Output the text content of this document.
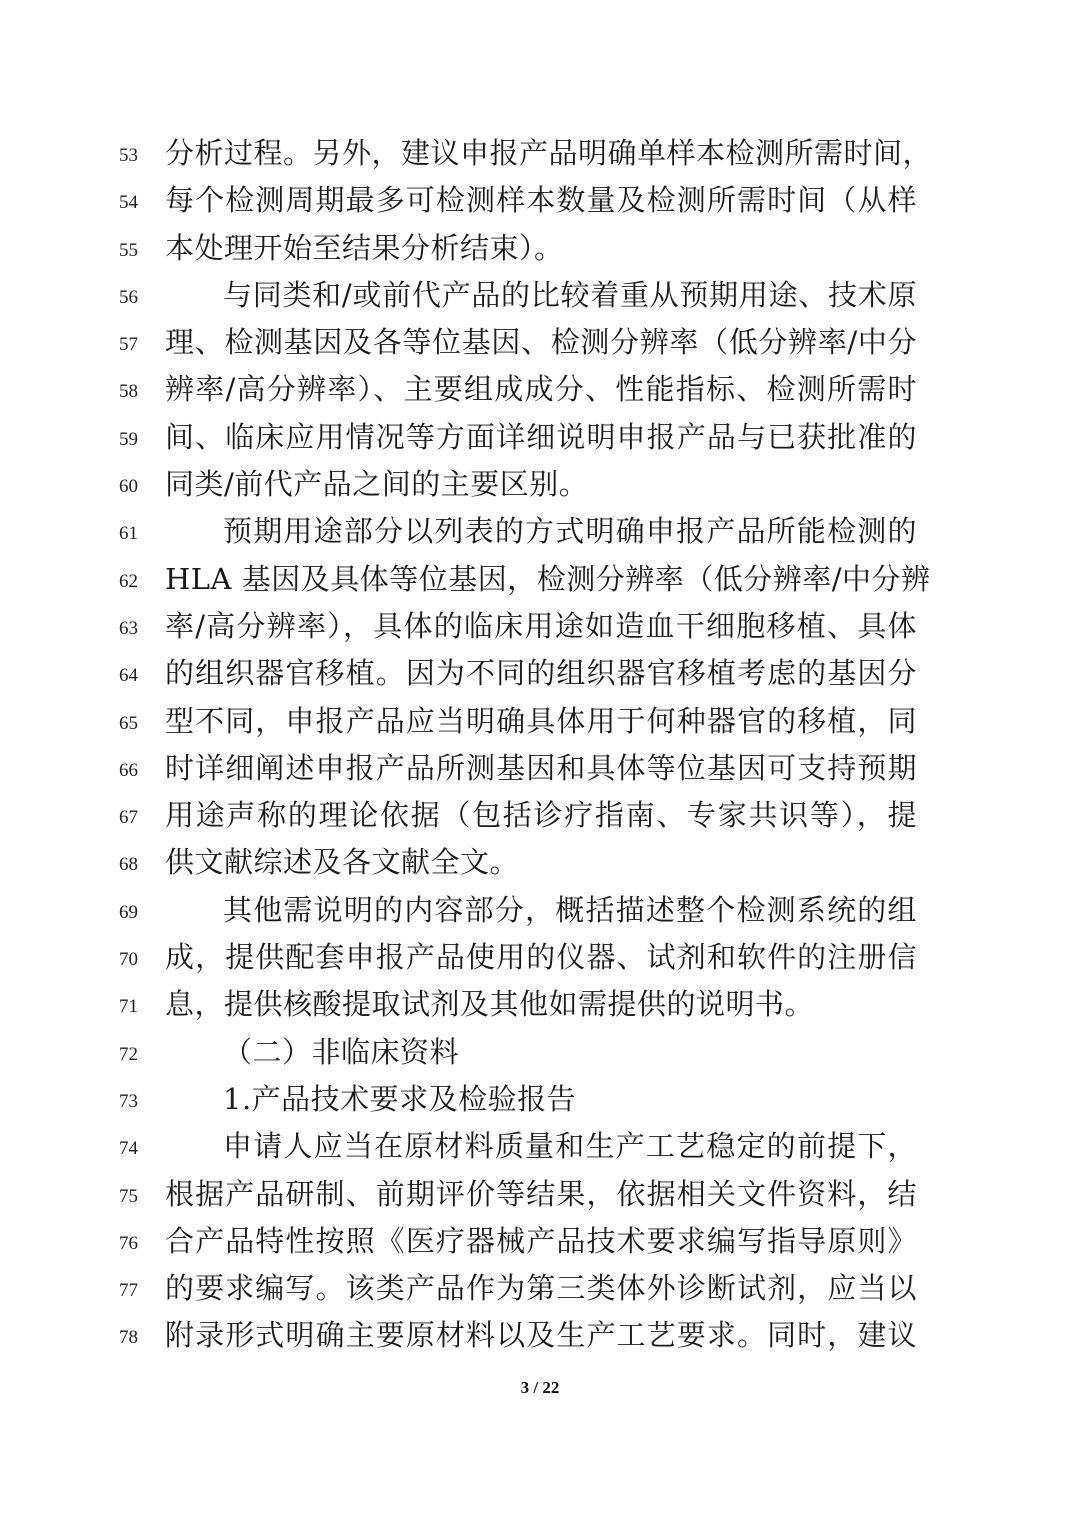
53 分析过程。另外，建议申报产品明确单样本检测所需时间，
54 每个检测周期最多可检测样本数量及检测所需时间（从样
55 本处理开始至结果分析结束）。
56	与同类和/或前代产品的比较着重从预期用途、技术原
57 理、检测基因及各等位基因、检测分辨率（低分辨率/中分
58 辨率/高分辨率）、主要组成成分、性能指标、检测所需时
59 间、临床应用情况等方面详细说明申报产品与已获批准的
60 同类/前代产品之间的主要区别。
61	预期用途部分以列表的方式明确申报产品所能检测的
62 HLA 基因及具体等位基因，检测分辨率（低分辨率/中分辨
63 率/高分辨率），具体的临床用途如造血干细胞移植、具体
64 的组织器官移植。因为不同的组织器官移植考虑的基因分
65 型不同，申报产品应当明确具体用于何种器官的移植，同
66 时详细阐述申报产品所测基因和具体等位基因可支持预期
67 用途声称的理论依据（包括诊疗指南、专家共识等），提
68 供文献综述及各文献全文。
69	其他需说明的内容部分，概括描述整个检测系统的组
70 成，提供配套申报产品使用的仪器、试剂和软件的注册信
71 息，提供核酸提取试剂及其他如需提供的说明书。
72	（二）非临床资料
73	1.产品技术要求及检验报告
74	申请人应当在原材料质量和生产工艺稳定的前提下，
75 根据产品研制、前期评价等结果，依据相关文件资料，结
76 合产品特性按照《医疗器械产品技术要求编写指导原则》
77 的要求编写。该类产品作为第三类体外诊断试剂，应当以
78 附录形式明确主要原材料以及生产工艺要求。同时，建议
3 / 22
